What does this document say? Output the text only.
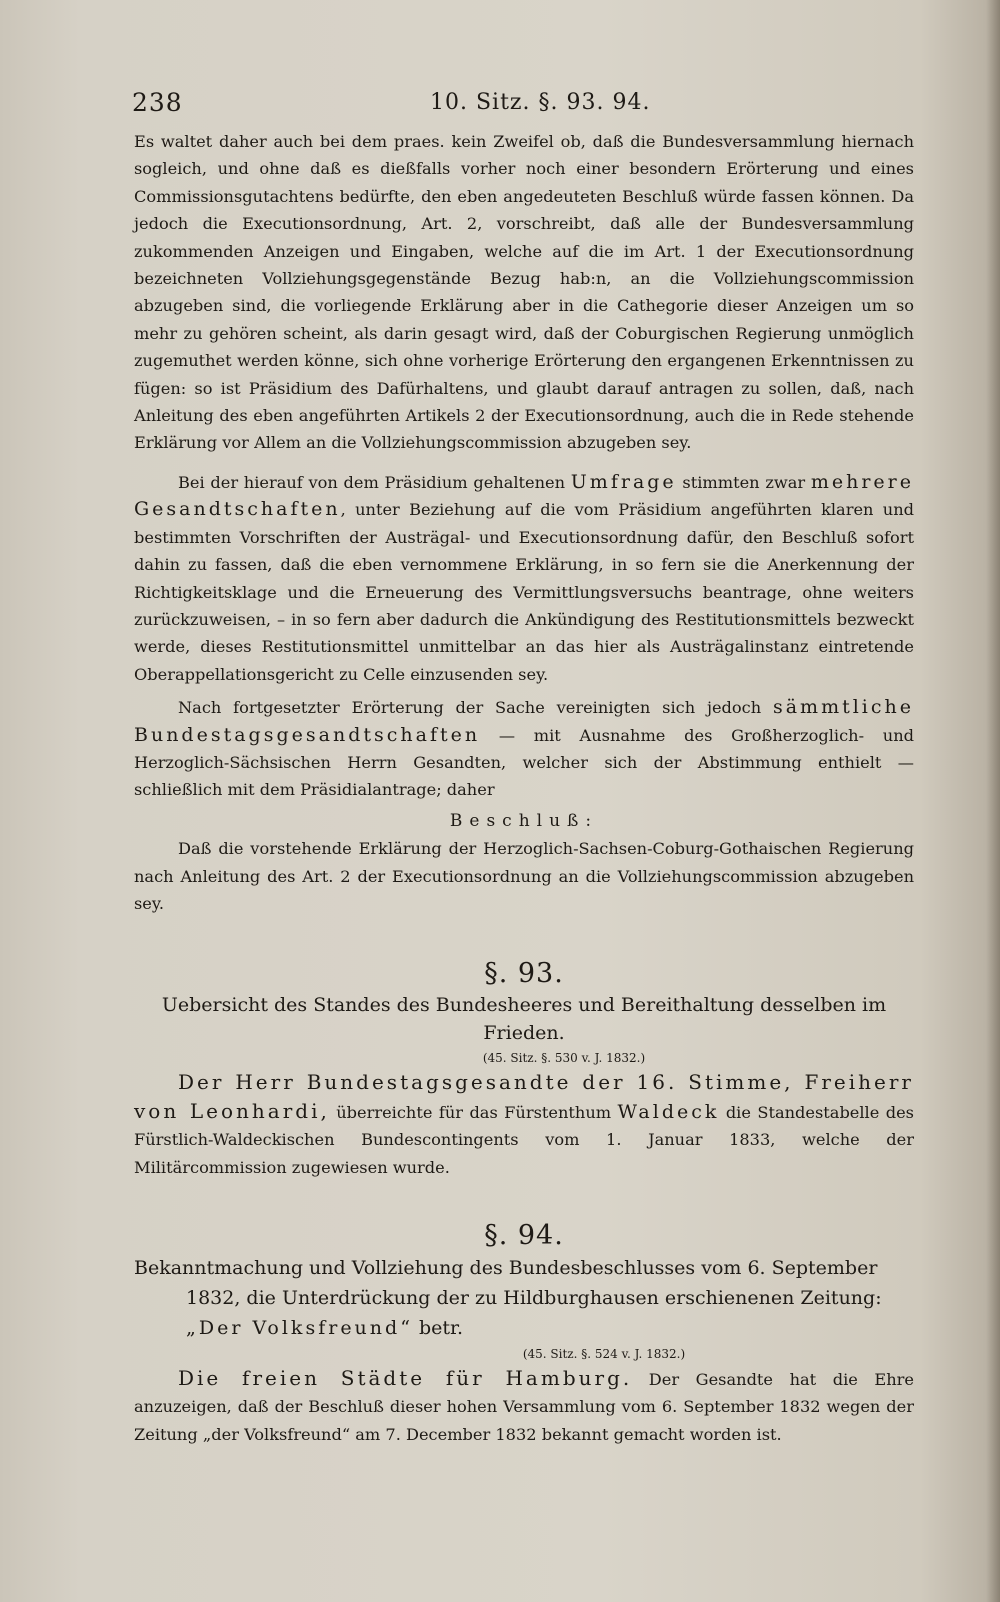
238	10. Sitz. §. 93. 94.

Es waltet daher auch bei dem praes. kein Zweifel ob, daß die Bundesversammlung hiernach sogleich, und ohne daß es dießfalls vorher noch einer besondern Erörterung und eines Commissionsgutachtens bedürfte, den eben angedeuteten Beschluß würde fassen können. Da jedoch die Executionsordnung, Art. 2, vorschreibt, daß alle der Bundesversammlung zukommenden Anzeigen und Eingaben, welche auf die im Art. 1 der Executionsordnung bezeichneten Vollziehungsgegenstände Bezug hab:n, an die Vollziehungscommission abzugeben sind, die vorliegende Erklärung aber in die Cathegorie dieser Anzeigen um so mehr zu gehören scheint, als darin gesagt wird, daß der Coburgischen Regierung unmöglich zugemuthet werden könne, sich ohne vorherige Erörterung den ergangenen Erkenntnissen zu fügen: so ist Präsidium des Dafürhaltens, und glaubt darauf antragen zu sollen, daß, nach Anleitung des eben angeführten Artikels 2 der Executionsordnung, auch die in Rede stehende Erklärung vor Allem an die Vollziehungscommission abzugeben sey.

Bei der hierauf von dem Präsidium gehaltenen Umfrage stimmten zwar mehrere Gesandtschaften, unter Beziehung auf die vom Präsidium angeführten klaren und bestimmten Vorschriften der Austrägal- und Executionsordnung dafür, den Beschluß sofort dahin zu fassen, daß die eben vernommene Erklärung, in so fern sie die Anerkennung der Richtigkeitsklage und die Erneuerung des Vermittlungsversuchs beantrage, ohne weiters zurückzuweisen, – in so fern aber dadurch die Ankündigung des Restitutionsmittels bezweckt werde, dieses Restitutionsmittel unmittelbar an das hier als Austrägalinstanz eintretende Oberappellationsgericht zu Celle einzusenden sey.

Nach fortgesetzter Erörterung der Sache vereinigten sich jedoch sämmtliche Bundestagsgesandtschaften — mit Ausnahme des Großherzoglich- und Herzoglich-Sächsischen Herrn Gesandten, welcher sich der Abstimmung enthielt — schließlich mit dem Präsidialantrage; daher

Beschluß:

Daß die vorstehende Erklärung der Herzoglich-Sachsen-Coburg-Gothaischen Regierung nach Anleitung des Art. 2 der Executionsordnung an die Vollziehungscommission abzugeben sey.

§. 93.

Uebersicht des Standes des Bundesheeres und Bereithaltung desselben im Frieden.

(45. Sitz. §. 530 v. J. 1832.)

Der Herr Bundestagsgesandte der 16. Stimme, Freiherr von Leonhardi, überreichte für das Fürstenthum Waldeck die Standestabelle des Fürstlich-Waldeckischen Bundescontingents vom 1. Januar 1833, welche der Militärcommission zugewiesen wurde.

§. 94.

Bekanntmachung und Vollziehung des Bundesbeschlusses vom 6. September 1832, die Unterdrückung der zu Hildburghausen erschienenen Zeitung: „Der Volksfreund“ betr.

(45. Sitz. §. 524 v. J. 1832.)

Die freien Städte für Hamburg. Der Gesandte hat die Ehre anzuzeigen, daß der Beschluß dieser hohen Versammlung vom 6. September 1832 wegen der Zeitung „der Volksfreund“ am 7. December 1832 bekannt gemacht worden ist.
